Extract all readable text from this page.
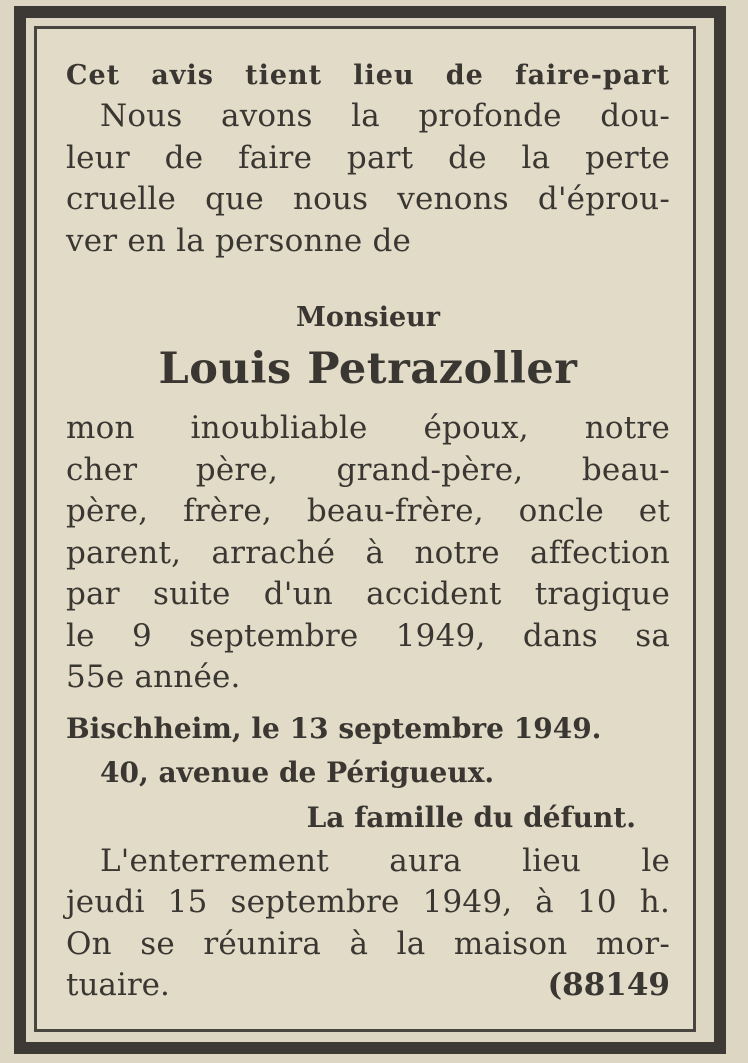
Cet avis tient lieu de faire-part
Nous avons la profonde dou-
leur de faire part de la perte
cruelle que nous venons d'éprou-
ver en la personne de
Monsieur
Louis Petrazoller
mon inoubliable époux, notre
cher père, grand-père, beau-
père, frère, beau-frère, oncle et
parent, arraché à notre affection
par suite d'un accident tragique
le 9 septembre 1949, dans sa
55e année.
Bischheim, le 13 septembre 1949.
40, avenue de Périgueux.
La famille du défunt.
L'enterrement aura lieu le
jeudi 15 septembre 1949, à 10 h.
On se réunira à la maison mor-
tuaire.	(88149
